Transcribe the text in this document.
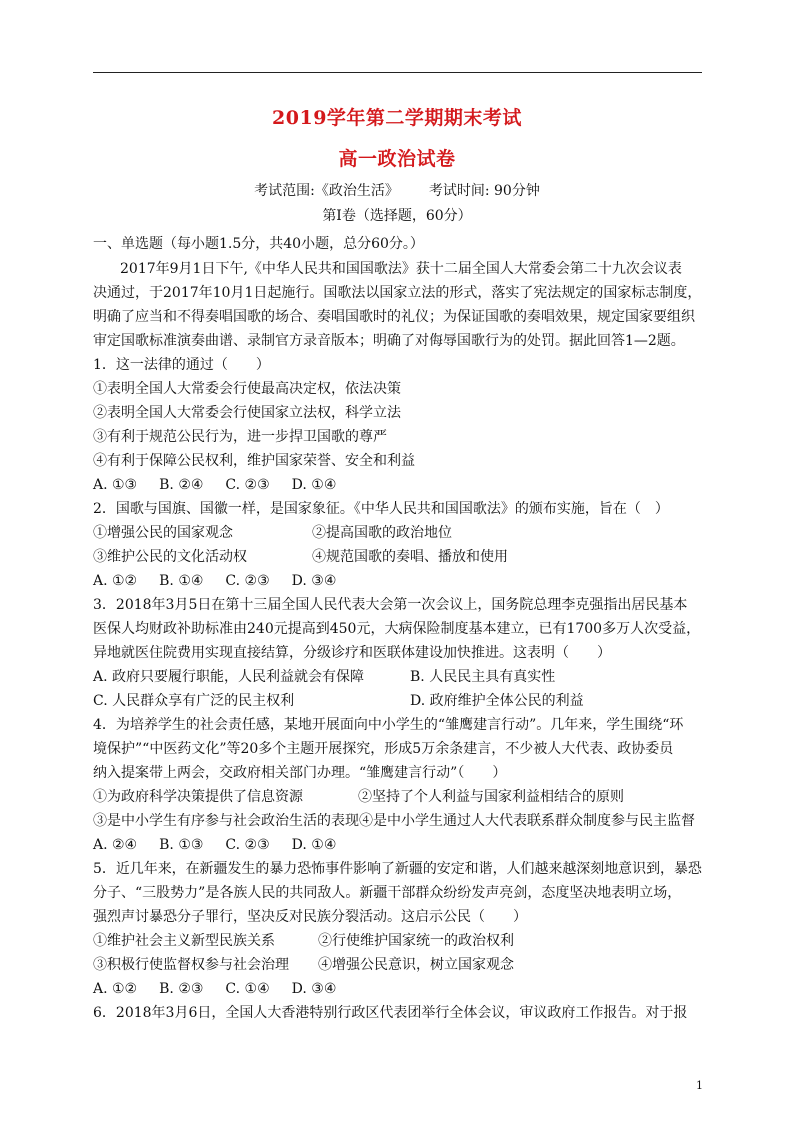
2019学年第二学期期末考试
高一政治试卷
考试范围:《政治生活》 考试时间: 90分钟
第I卷（选择题，60分）
一、单选题（每小题1.5分，共40小题，总分60分。）
2017年9月1日下午,《中华人民共和国国歌法》获十二届全国人大常委会第二十九次会议表
决通过，于2017年10月1日起施行。国歌法以国家立法的形式，落实了宪法规定的国家标志制度，
明确了应当和不得奏唱国歌的场合、奏唱国歌时的礼仪；为保证国歌的奏唱效果，规定国家要组织
审定国歌标准演奏曲谱、录制官方录音版本；明确了对侮辱国歌行为的处罚。据此回答1—2题。
1．这一法律的通过（　　）
①表明全国人大常委会行使最高决定权，依法决策
②表明全国人大常委会行使国家立法权，科学立法
③有利于规范公民行为，进一步捍卫国歌的尊严
④有利于保障公民权利，维护国家荣誉、安全和利益
A. ①③ B. ②④ C. ②③ D. ①④
2．国歌与国旗、国徽一样，是国家象征。《中华人民共和国国歌法》的颁布实施，旨在（　）
①增强公民的国家观念	②提高国歌的政治地位
③维护公民的文化活动权	④规范国歌的奏唱、播放和使用
A. ①② B. ①④ C. ②③ D. ③④
3．2018年3月5日在第十三届全国人民代表大会第一次会议上，国务院总理李克强指出居民基本
医保人均财政补助标准由240元提高到450元，大病保险制度基本建立，已有1700多万人次受益，
异地就医住院费用实现直接结算，分级诊疗和医联体建设加快推进。这表明（　　）
A. 政府只要履行职能，人民利益就会有保障	B. 人民民主具有真实性
C. 人民群众享有广泛的民主权利	D. 政府维护全体公民的利益
4．为培养学生的社会责任感，某地开展面向中小学生的“雏鹰建言行动”。几年来，学生围绕“环
境保护”“中医药文化”等20多个主题开展探究，形成5万余条建言，不少被人大代表、政协委员
纳入提案带上两会，交政府相关部门办理。“雏鹰建言行动”（　　）
①为政府科学决策提供了信息资源	②坚持了个人利益与国家利益相结合的原则
③是中小学生有序参与社会政治生活的表现④是中小学生通过人大代表联系群众制度参与民主监督
A. ②④ B. ①③ C. ②③ D. ①④
5．近几年来，在新疆发生的暴力恐怖事件影响了新疆的安定和谐，人们越来越深刻地意识到，暴恐
分子、“三股势力”是各族人民的共同敌人。新疆干部群众纷纷发声亮剑，态度坚决地表明立场，
强烈声讨暴恐分子罪行，坚决反对民族分裂活动。这启示公民（　　）
①维护社会主义新型民族关系	②行使维护国家统一的政治权利
③积极行使监督权参与社会治理 ④增强公民意识，树立国家观念
A. ①② B. ②③ C. ①④ D. ③④
6．2018年3月6日，全国人大香港特别行政区代表团举行全体会议，审议政府工作报告。对于报
1
